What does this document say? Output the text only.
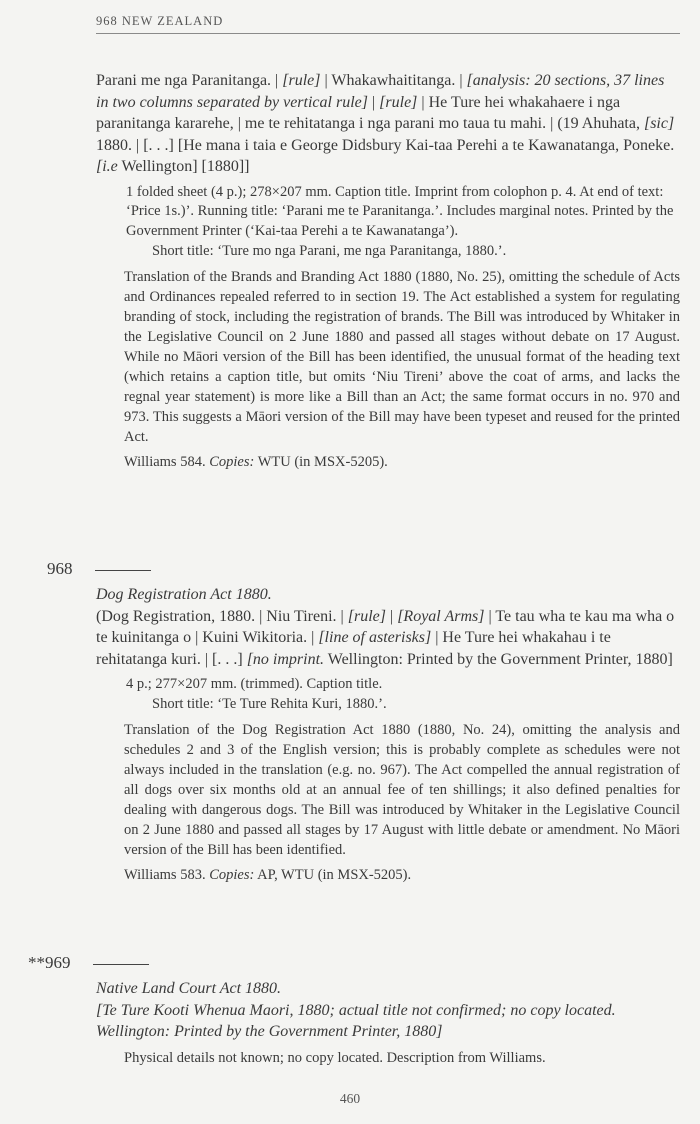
968 NEW ZEALAND

Parani me nga Paranitanga. | [rule] | Whakawhaititanga. | [analysis: 20 sections, 37 lines in two columns separated by vertical rule] | [rule] | He Ture hei whakahaere i nga paranitanga kararehe, | me te rehitatanga i nga parani mo taua tu mahi. | (19 Ahuhata, [sic] 1880. | [. . .] [He mana i taia e George Didsbury Kai-taa Perehi a te Kawanatanga, Poneke. [i.e Wellington] [1880]]

1 folded sheet (4 p.); 278×207 mm. Caption title. Imprint from colophon p. 4. At end of text: ‘Price 1s.)’. Running title: ‘Parani me te Paranitanga.’. Includes marginal notes. Printed by the Government Printer (‘Kai-taa Perehi a te Kawanatanga’).

Short title: ‘Ture mo nga Parani, me nga Paranitanga, 1880.’.

Translation of the Brands and Branding Act 1880 (1880, No. 25), omitting the schedule of Acts and Ordinances repealed referred to in section 19. The Act established a system for regulating branding of stock, including the registration of brands. The Bill was introduced by Whitaker in the Legislative Council on 2 June 1880 and passed all stages without debate on 17 August. While no Māori version of the Bill has been identified, the unusual format of the heading text (which retains a caption title, but omits ‘Niu Tireni’ above the coat of arms, and lacks the regnal year statement) is more like a Bill than an Act; the same format occurs in no. 970 and 973. This suggests a Māori version of the Bill may have been typeset and reused for the printed Act.

Williams 584. Copies: WTU (in MSX-5205).

968

Dog Registration Act 1880.

(Dog Registration, 1880. | Niu Tireni. | [rule] | [Royal Arms] | Te tau wha te kau ma wha o te kuinitanga o | Kuini Wikitoria. | [line of asterisks] | He Ture hei whakahau i te rehitatanga kuri. | [. . .] [no imprint. Wellington: Printed by the Government Printer, 1880]

4 p.; 277×207 mm. (trimmed). Caption title.

Short title: ‘Te Ture Rehita Kuri, 1880.’.

Translation of the Dog Registration Act 1880 (1880, No. 24), omitting the analysis and schedules 2 and 3 of the English version; this is probably complete as schedules were not always included in the translation (e.g. no. 967). The Act compelled the annual registration of all dogs over six months old at an annual fee of ten shillings; it also defined penalties for dealing with dangerous dogs. The Bill was introduced by Whitaker in the Legislative Council on 2 June 1880 and passed all stages by 17 August with little debate or amendment. No Māori version of the Bill has been identified.

Williams 583. Copies: AP, WTU (in MSX-5205).

**969

Native Land Court Act 1880.

[Te Ture Kooti Whenua Maori, 1880; actual title not confirmed; no copy located. Wellington: Printed by the Government Printer, 1880]

Physical details not known; no copy located. Description from Williams.

460
